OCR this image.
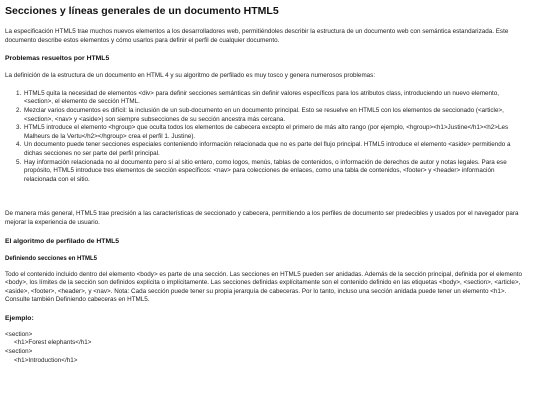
Secciones y líneas generales de un documento HTML5

La especificación HTML5 trae muchos nuevos elementos a los desarrolladores web, permitiéndoles describir la estructura de un documento web con semántica estandarizada. Este documento describe estos elementos y cómo usarlos para definir el perfil de cualquier documento.

Problemas resueltos por HTML5

La definición de la estructura de un documento en HTML 4 y su algoritmo de perfilado es muy tosco y genera numerosos problemas:

1. HTML5 quita la necesidad de elementos <div> para definir secciones semánticas sin definir valores específicos para los atributos class, introduciendo un nuevo elemento, <section>, el elemento de sección HTML.
2. Mezclar varios documentos es difícil: la inclusión de un sub-documento en un documento principal. Esto se resuelve en HTML5 con los elementos de seccionado (<article>, <section>, <nav> y <aside>) son siempre subsecciones de su sección ancestra más cercana.
3. HTML5 introduce el elemento <hgroup> que oculta todos los elementos de cabecera excepto el primero de más alto rango (por ejemplo, <hgroup><h1>Justine</h1><h2>Les Malheurs de la Vertu</h2></hgroup> crea el perfil 1. Justine).
4. Un documento puede tener secciones especiales conteniendo información relacionada que no es parte del flujo principal. HTML5 introduce el elemento <aside> permitiendo a dichas secciones no ser parte del perfil principal.
5. Hay información relacionada no al documento pero sí al sitio entero, como logos, menús, tablas de contenidos, o información de derechos de autor y notas legales. Para ese propósito, HTML5 introduce tres elementos de sección específicos: <nav> para colecciones de enlaces, como una tabla de contenidos, <footer> y <header> información relacionada con el sitio.

De manera más general, HTML5 trae precisión a las características de seccionado y cabecera, permitiendo a los perfiles de documento ser predecibles y usados por el navegador para mejorar la experiencia de usuario.

El algoritmo de perfilado de HTML5
Definiendo secciones en HTML5

Todo el contenido incluido dentro del elemento <body> es parte de una sección. Las secciones en HTML5 pueden ser anidadas. Además de la sección principal, definida por el elemento <body>, los límites de la sección son definidos explícita o implícitamente. Las secciones definidas explícitamente son el contenido definido en las etiquetas <body>, <section>, <article>, <aside>, <footer>, <header>, y <nav>. Nota: Cada sección puede tener su propia jerarquía de cabeceras. Por lo tanto, incluso una sección anidada puede tener un elemento <h1>. Consulte también Definiendo cabeceras en HTML5.

Ejemplo:
<section>
<h1>Forest elephants</h1>
<section>
<h1>Introduction</h1>
